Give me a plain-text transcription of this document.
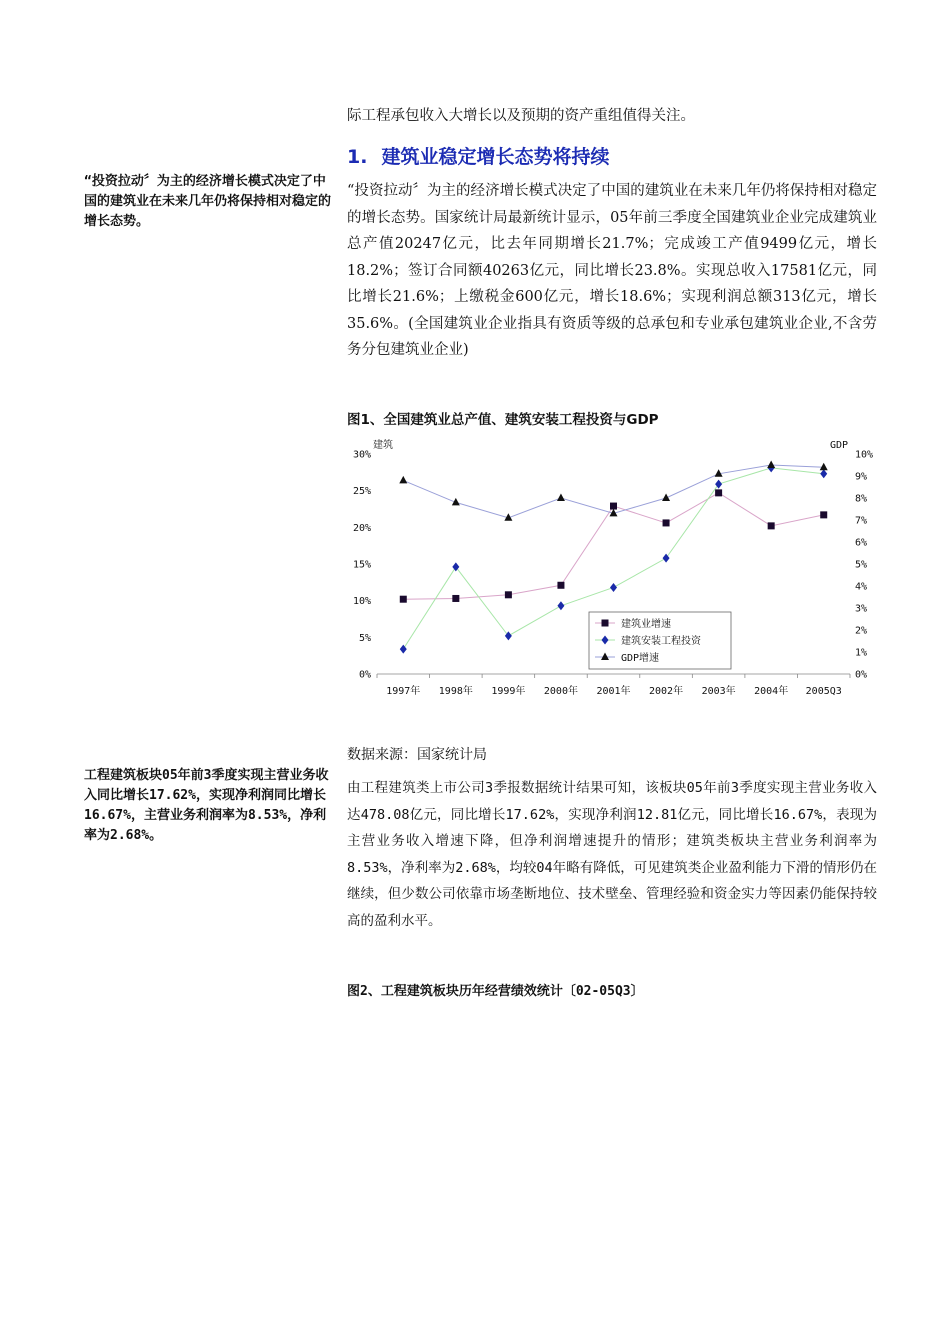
际工程承包收入大增长以及预期的资产重组值得关注。

1. 建筑业稳定增长态势将持续

“投资拉动〞为主的经济增长模式决定了中国的建筑业在未来几年仍将保持相对稳定的增长态势。

“投资拉动〞为主的经济增长模式决定了中国的建筑业在未来几年仍将保持相对稳定的增长态势。国家统计局最新统计显示，05年前三季度全国建筑业企业完成建筑业总产值20247亿元，比去年同期增长21.7%；完成竣工产值9499亿元，增长18.2%；签订合同额40263亿元，同比增长23.8%。实现总收入17581亿元，同比增长21.6%；上缴税金600亿元，增长18.6%；实现利润总额313亿元，增长35.6%。(全国建筑业企业指具有资质等级的总承包和专业承包建筑业企业,不含劳务分包建筑业企业)

图1、全国建筑业总产值、建筑安装工程投资与GDP

建筑	GDP
0%
5%
10%
15%
20%
25%
30%
0%
1%
2%
3%
4%
5%
6%
7%
8%
9%
10%
1997年 1998年 1999年 2000年 2001年 2002年 2003年 2004年 2005Q3
建筑业增速
建筑安装工程投资
GDP增速

数据来源：国家统计局

工程建筑板块05年前3季度实现主营业务收入同比增长17.62%，实现净利润同比增长16.67%，主营业务利润率为8.53%，净利率为2.68%。

由工程建筑类上市公司3季报数据统计结果可知，该板块05年前3季度实现主营业务收入达478.08亿元，同比增长17.62%，实现净利润12.81亿元，同比增长16.67%，表现为主营业务收入增速下降，但净利润增速提升的情形；建筑类板块主营业务利润率为8.53%，净利率为2.68%，均较04年略有降低，可见建筑类企业盈利能力下滑的情形仍在继续，但少数公司依靠市场垄断地位、技术壁垒、管理经验和资金实力等因素仍能保持较高的盈利水平。

图2、工程建筑板块历年经营绩效统计〔02-05Q3〕
